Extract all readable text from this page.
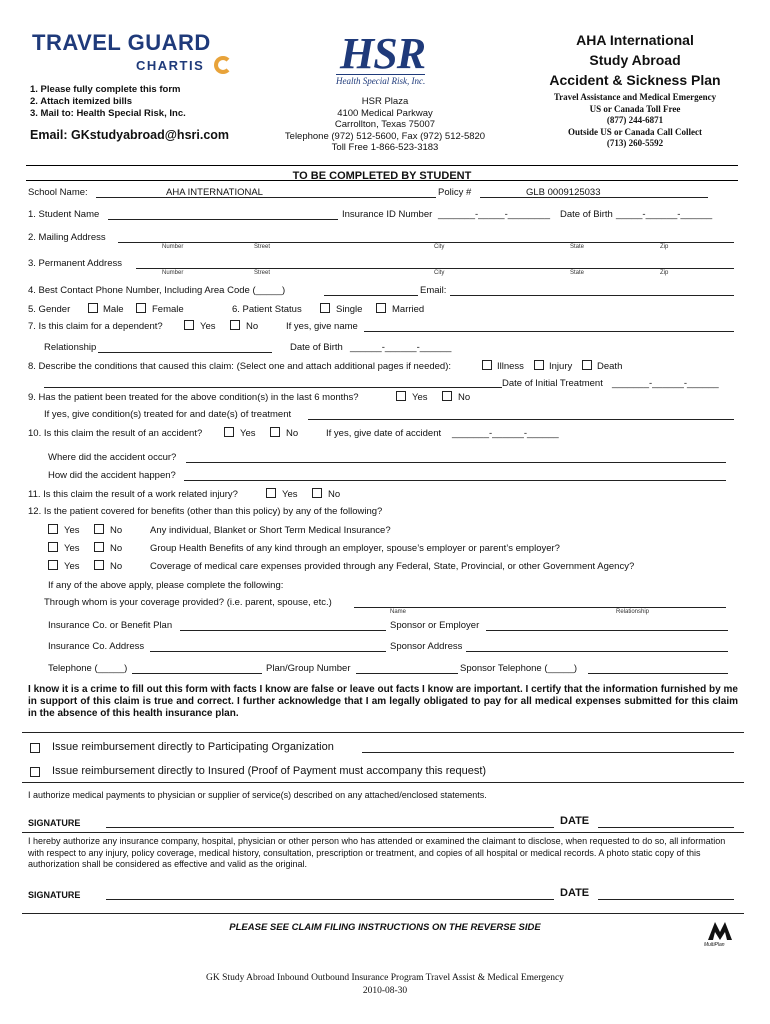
TRAVEL GUARD
CHARTIS	HSR
Health Special Risk, Inc.
1. Please fully complete this form
2. Attach itemized bills
3. Mail to: Health Special Risk, Inc.
Email: GKstudyabroad@hsri.com
HSR Plaza
4100 Medical Parkway
Carrollton, Texas 75007
Telephone (972) 512-5600, Fax (972) 512-5820
Toll Free 1-866-523-3183
AHA International
Study Abroad
Accident & Sickness Plan
Travel Assistance and Medical Emergency
US or Canada Toll Free
(877) 244-6871
Outside US or Canada Call Collect
(713) 260-5592
TO BE COMPLETED BY STUDENT
School Name:	AHA INTERNATIONAL	Policy #	GLB 0009125033
1. Student Name	Insurance ID Number _______-_____-________ Date of Birth _____-______-______
2. Mailing Address
Number	Street	City	State	Zip
3. Permanent Address
Number	Street	City	State	Zip
4. Best Contact Phone Number, Including Area Code (_____)	Email:
5. Gender	Male	Female	6. Patient Status	Single	Married
7. Is this claim for a dependent?	Yes	No	If yes, give name
Relationship	Date of Birth ______-______-______
8. Describe the conditions that caused this claim: (Select one and attach additional pages if needed):	Illness	Injury	Death
Date of Initial Treatment _______-______-______
9. Has the patient been treated for the above condition(s) in the last 6 months?	Yes	No
If yes, give condition(s) treated for and date(s) of treatment
10. Is this claim the result of an accident?	Yes	No	If yes, give date of accident _______-______-______
Where did the accident occur?
How did the accident happen?
11. Is this claim the result of a work related injury?	Yes	No
12. Is the patient covered for benefits (other than this policy) by any of the following?
Yes	No	Any individual, Blanket or Short Term Medical Insurance?
Yes	No	Group Health Benefits of any kind through an employer, spouse’s employer or parent’s employer?
Yes	No	Coverage of medical care expenses provided through any Federal, State, Provincial, or other Government Agency?
If any of the above apply, please complete the following:
Through whom is your coverage provided? (i.e. parent, spouse, etc.)
Name	Relationship
Insurance Co. or Benefit Plan	Sponsor or Employer
Insurance Co. Address	Sponsor Address
Telephone (_____)	Plan/Group Number	Sponsor Telephone (_____)
I know it is a crime to fill out this form with facts I know are false or leave out facts I know are important. I certify that the information furnished by me in support of this claim is true and correct. I further acknowledge that I am legally obligated to pay for all medical expenses submitted for this claim in the absence of this health insurance plan.
Issue reimbursement directly to Participating Organization
Issue reimbursement directly to Insured (Proof of Payment must accompany this request)
I authorize medical payments to physician or supplier of service(s) described on any attached/enclosed statements.
SIGNATURE	DATE
I hereby authorize any insurance company, hospital, physician or other person who has attended or examined the claimant to disclose, when requested to do so, all information with respect to any injury, policy coverage, medical history, consultation, prescription or treatment, and copies of all hospital or medical records. A photo static copy of this authorization shall be considered as effective and valid as the original.
SIGNATURE	DATE
PLEASE SEE CLAIM FILING INSTRUCTIONS ON THE REVERSE SIDE
MultiPlan
GK Study Abroad Inbound Outbound Insurance Program Travel Assist & Medical Emergency
2010-08-30
